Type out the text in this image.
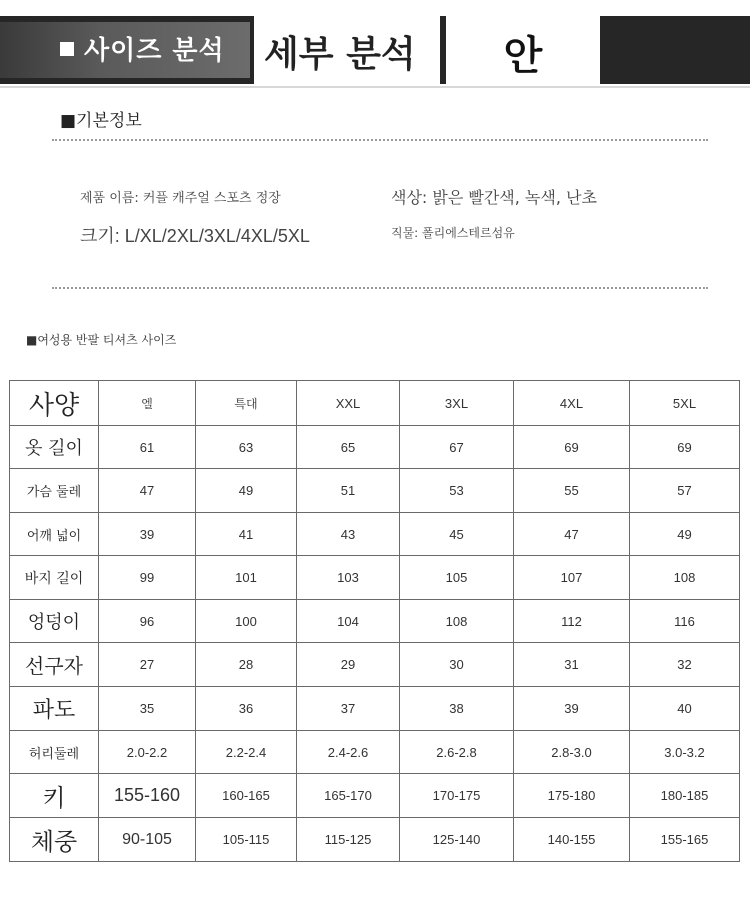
사이즈 분석 세부 분석	안
■기본정보
제품 이름: 커플 캐주얼 스포츠 정장	색상: 밝은 빨간색, 녹색, 난초
크기: L/XL/2XL/3XL/4XL/5XL	직물: 폴리에스테르섬유
■여성용 반팔 티셔츠 사이즈
사양	엘	특대	XXL	3XL	4XL	5XL
옷 길이	61	63	65	67	69	69
가슴 둘레	47	49	51	53	55	57
어깨 넓이	39	41	43	45	47	49
바지 길이	99	101	103	105	107	108
엉덩이	96	100	104	108	112	116
선구자	27	28	29	30	31	32
파도	35	36	37	38	39	40
허리둘레	2.0-2.2	2.2-2.4	2.4-2.6	2.6-2.8	2.8-3.0	3.0-3.2
키	155-160	160-165	165-170	170-175	175-180	180-185
체중	90-105	105-115	115-125	125-140	140-155	155-165
